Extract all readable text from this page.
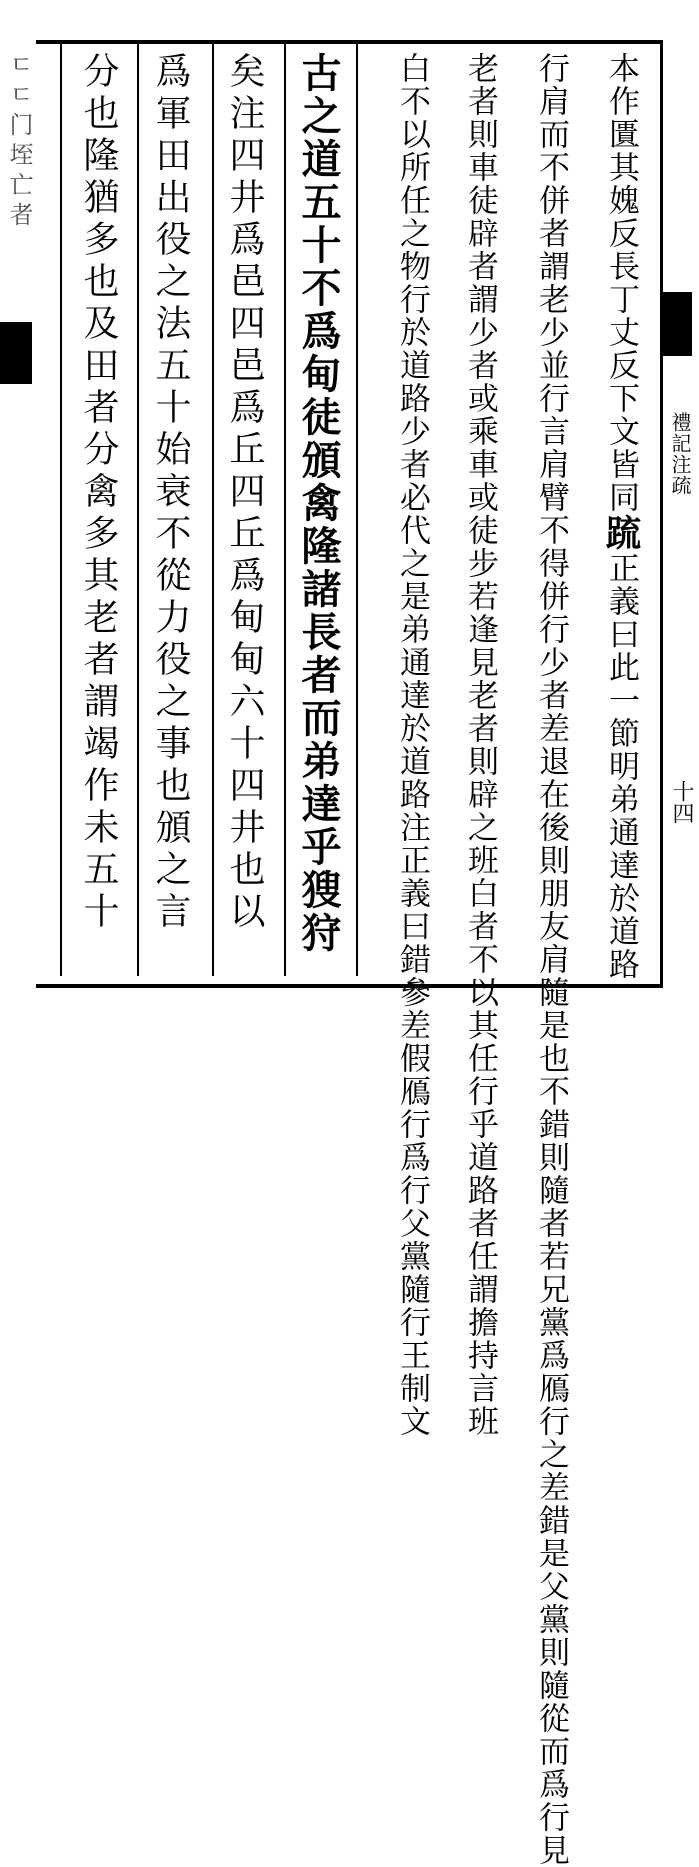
ㄷㄷ门垤亡者	本作匱其媿反長丁丈反下文皆同䟽正義曰此一節明弟通達於道路
行肩而不併者謂老少並行言肩臂不得併行少者差退在後則朋友肩隨是也不錯則隨者若兄黨爲鴈行之差錯是父黨則隨從而爲行見
老者則車徒辟者謂少者或乘車或徒步若逢見老者則辟之班白者不以其任行乎道路者任謂擔持言班
白不以所任之物行於道路少者必代之是弟通達於道路注正義曰錯參差假鴈行爲行父黨隨行王制文
古之道五十不爲甸徒頒禽隆諸長者而弟達乎獀狩
矣注四井爲邑四邑爲丘四丘爲甸甸六十四井也以
爲軍田出役之法五十始衰不從力役之事也頒之言
分也隆猶多也及田者分禽多其老者謂竭作未五十	禮記注疏
十四
